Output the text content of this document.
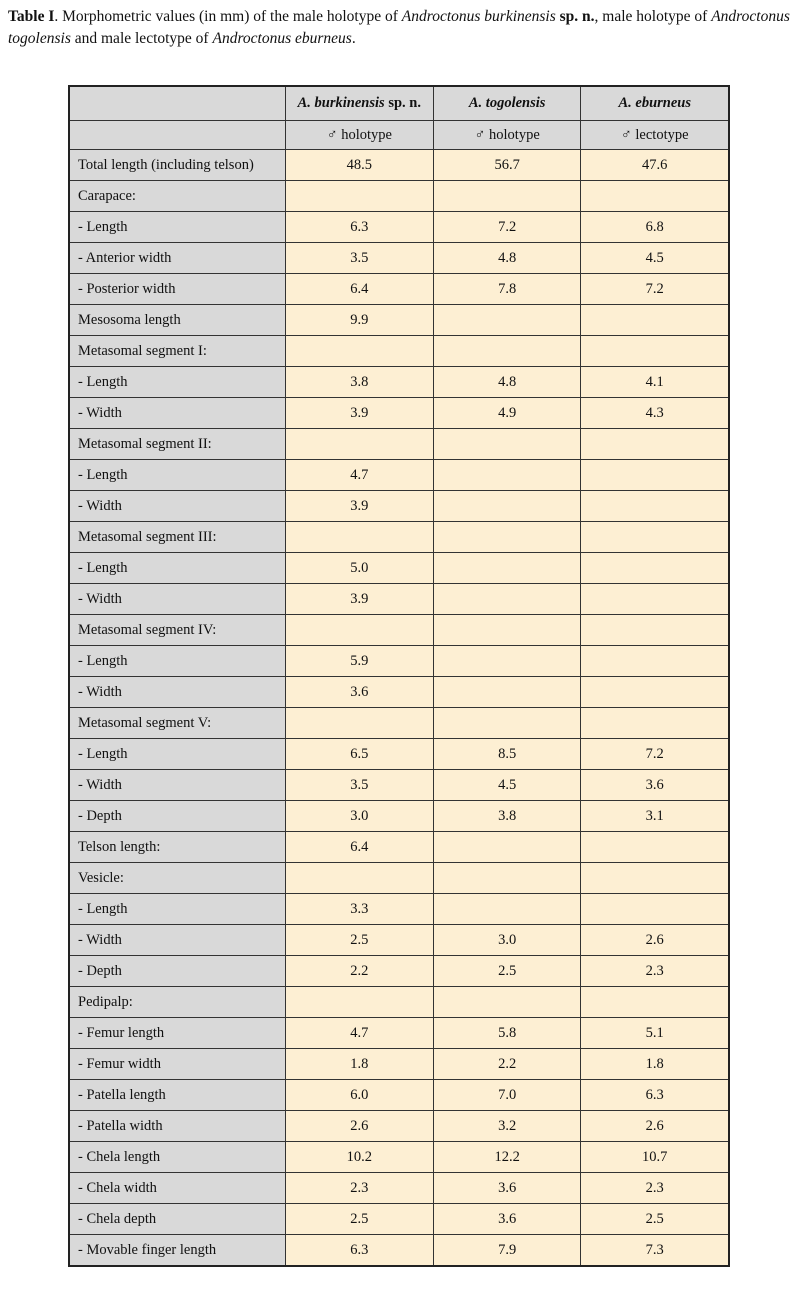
Table I. Morphometric values (in mm) of the male holotype of Androctonus burkinensis sp. n., male holotype of Androctonus togolensis and male lectotype of Androctonus eburneus.
	A. burkinensis sp. n.	A. togolensis	A. eburneus
	♂ holotype	♂ holotype	♂ lectotype
Total length (including telson)	48.5	56.7	47.6
Carapace:			
- Length	6.3	7.2	6.8
- Anterior width	3.5	4.8	4.5
- Posterior width	6.4	7.8	7.2
Mesosoma length	9.9		
Metasomal segment I:			
- Length	3.8	4.8	4.1
- Width	3.9	4.9	4.3
Metasomal segment II:			
- Length	4.7		
- Width	3.9		
Metasomal segment III:			
- Length	5.0		
- Width	3.9		
Metasomal segment IV:			
- Length	5.9		
- Width	3.6		
Metasomal segment V:			
- Length	6.5	8.5	7.2
- Width	3.5	4.5	3.6
- Depth	3.0	3.8	3.1
Telson length:	6.4		
Vesicle:			
- Length	3.3		
- Width	2.5	3.0	2.6
- Depth	2.2	2.5	2.3
Pedipalp:			
- Femur length	4.7	5.8	5.1
- Femur width	1.8	2.2	1.8
- Patella length	6.0	7.0	6.3
- Patella width	2.6	3.2	2.6
- Chela length	10.2	12.2	10.7
- Chela width	2.3	3.6	2.3
- Chela depth	2.5	3.6	2.5
- Movable finger length	6.3	7.9	7.3
